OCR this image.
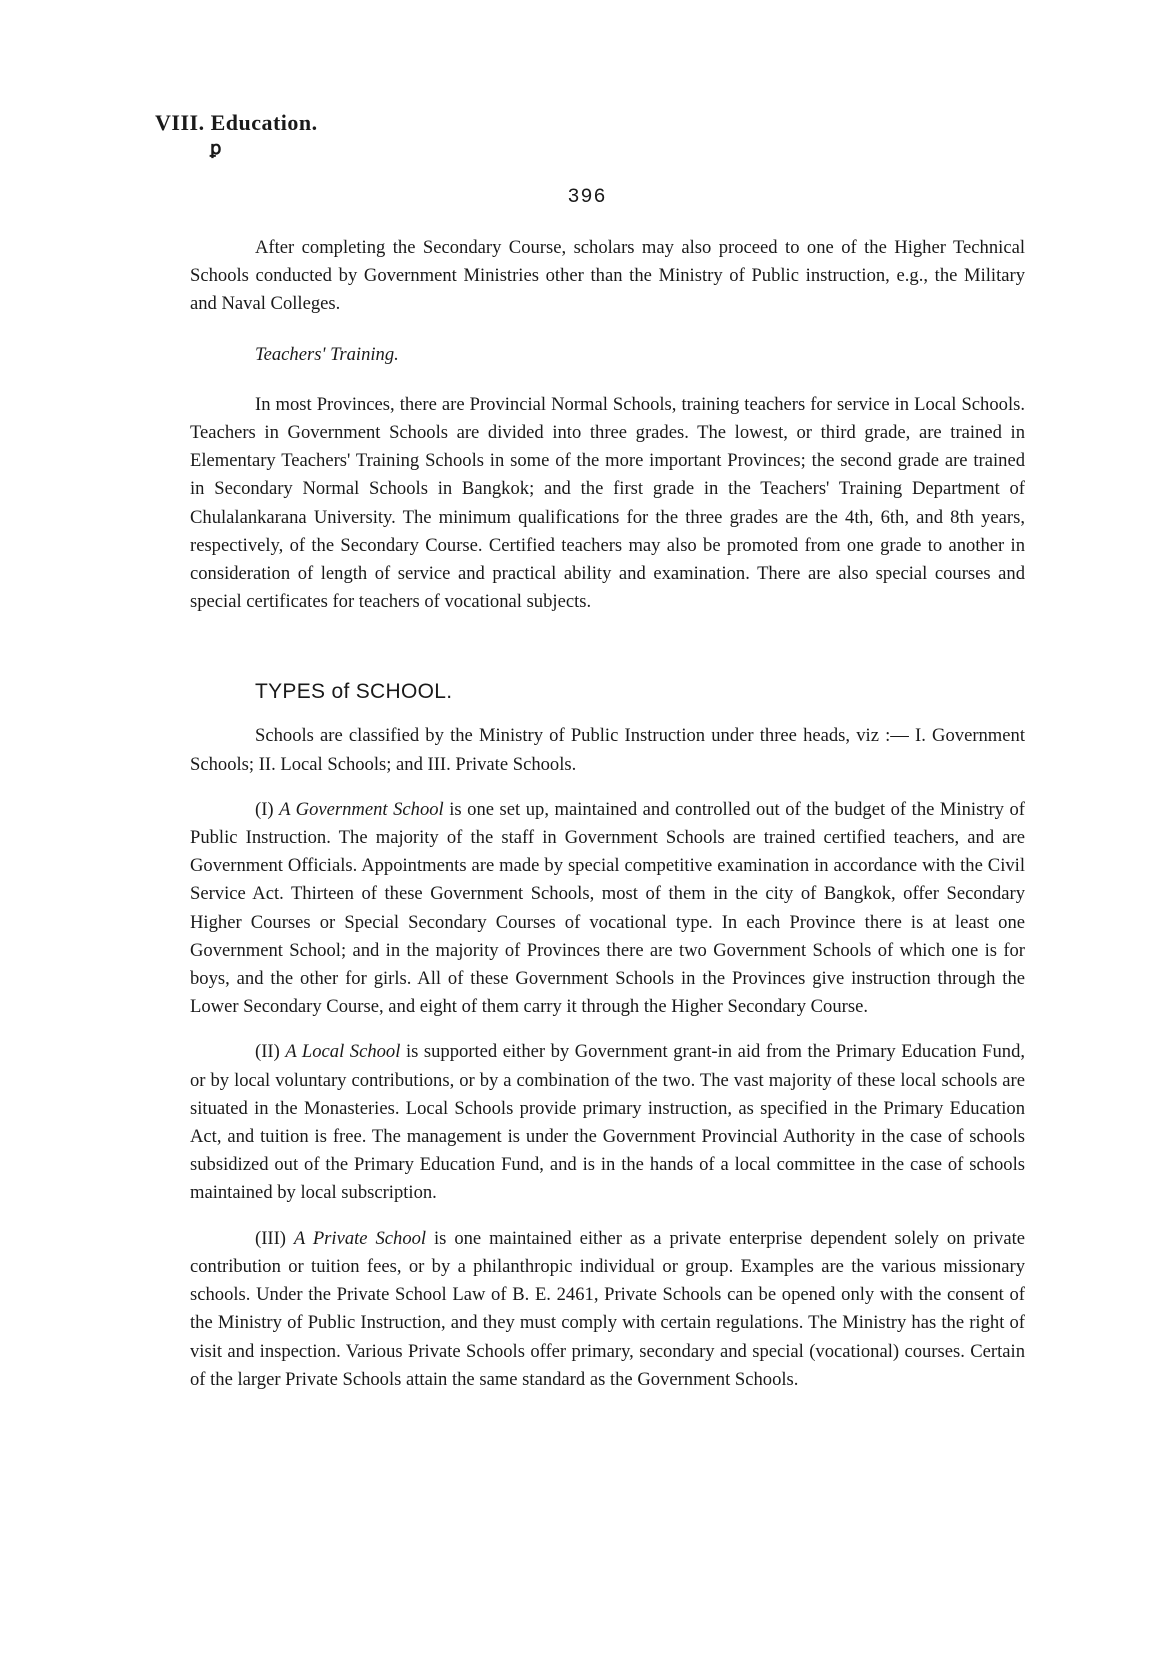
VIII. Education.

ꝑ

396

After completing the Secondary Course, scholars may also proceed to one of the Higher Technical Schools conducted by Government Ministries other than the Ministry of Public instruction, e.g., the Military and Naval Colleges.

Teachers' Training.

In most Provinces, there are Provincial Normal Schools, training teachers for service in Local Schools. Teachers in Government Schools are divided into three grades. The lowest, or third grade, are trained in Elementary Teachers' Training Schools in some of the more important Provinces; the second grade are trained in Secondary Normal Schools in Bangkok; and the first grade in the Teachers' Training Department of Chulalankarana University. The minimum qualifications for the three grades are the 4th, 6th, and 8th years, respectively, of the Secondary Course. Certified teachers may also be promoted from one grade to another in consideration of length of service and practical ability and examination. There are also special courses and special certificates for teachers of vocational subjects.

TYPES of SCHOOL.

Schools are classified by the Ministry of Public Instruction under three heads, viz :— I. Government Schools; II. Local Schools; and III. Private Schools.

(I) A Government School is one set up, maintained and controlled out of the budget of the Ministry of Public Instruction. The majority of the staff in Government Schools are trained certified teachers, and are Government Officials. Appointments are made by special competitive examination in accordance with the Civil Service Act. Thirteen of these Government Schools, most of them in the city of Bangkok, offer Secondary Higher Courses or Special Secondary Courses of vocational type. In each Province there is at least one Government School; and in the majority of Provinces there are two Government Schools of which one is for boys, and the other for girls. All of these Government Schools in the Provinces give instruction through the Lower Secondary Course, and eight of them carry it through the Higher Secondary Course.

(II) A Local School is supported either by Government grant-in aid from the Primary Education Fund, or by local voluntary contributions, or by a combination of the two. The vast majority of these local schools are situated in the Monasteries. Local Schools provide primary instruction, as specified in the Primary Education Act, and tuition is free. The management is under the Government Provincial Authority in the case of schools subsidized out of the Primary Education Fund, and is in the hands of a local committee in the case of schools maintained by local subscription.

(III) A Private School is one maintained either as a private enterprise dependent solely on private contribution or tuition fees, or by a philanthropic individual or group. Examples are the various missionary schools. Under the Private School Law of B. E. 2461, Private Schools can be opened only with the consent of the Ministry of Public Instruction, and they must comply with certain regulations. The Ministry has the right of visit and inspection. Various Private Schools offer primary, secondary and special (vocational) courses. Certain of the larger Private Schools attain the same standard as the Government Schools.
